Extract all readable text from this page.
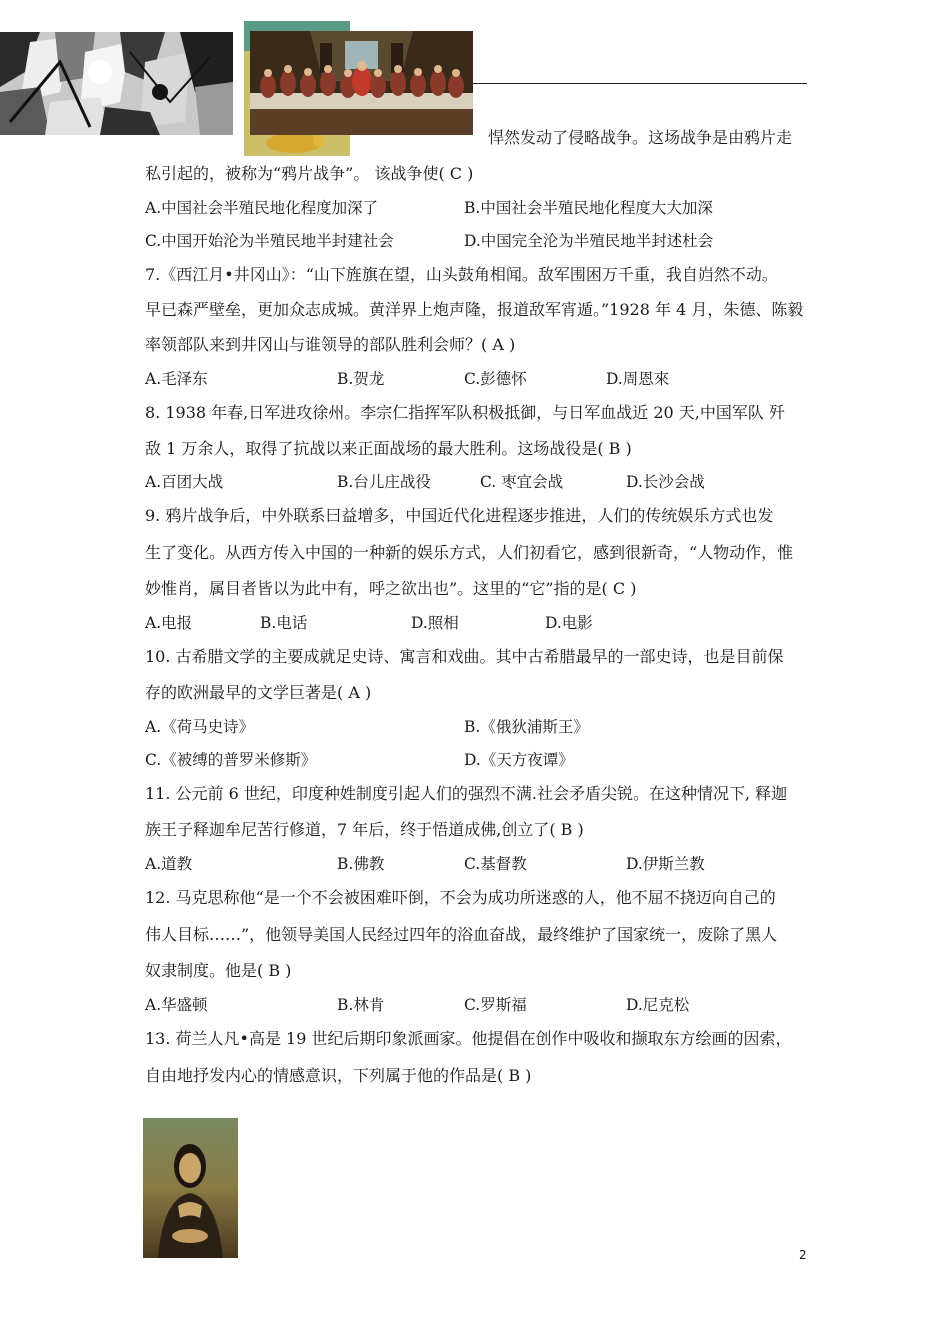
悍然发动了侵略战争。这场战争是由鸦片走
私引起的，被称为“鸦片战争”。 该战争使( C )
A.中国社会半殖民地化程度加深了	B.中国社会半殖民地化程度大大加深
C.中国开始沦为半殖民地半封建社会	D.中国完全沦为半殖民地半封述杜会
7.《西江月•井冈山》：“山下旌旗在望，山头鼓角相闻。敌军围困万千重，我自岿然不动。
早已森严壁垒，更加众志成城。黄洋界上炮声隆，报道敌军宵遁。”1928 年 4 月，朱德、陈毅
率领部队来到井冈山与谁领导的部队胜利会师？( A )
A.毛泽东	B.贺龙	C.彭德怀	D.周恩來
8. 1938 年春,日军进攻徐州。李宗仁指挥军队积极抵御，与日军血战近 20 天,中国军队 歼
敌 1 万余人，取得了抗战以来正面战场的最大胜利。这场战役是( B )
A.百团大战	B.台儿庄战役	C. 枣宜会战	D.长沙会战
9. 鸦片战争后，中外联系曰益增多，中国近代化进程逐步推进，人们的传统娱乐方式也发
生了变化。从西方传入中国的一种新的娱乐方式，人们初看它，感到很新奇，“人物动作，惟
妙惟肖，属目者皆以为此中有，呼之欲出也”。这里的“它”指的是( C )
A.电报	B.电话	D.照相	D.电影
10. 古希腊文学的主要成就足史诗、寓言和戏曲。其中古希腊最早的一部史诗，也是目前保
存的欧洲最早的文学巨著是( A )
A.《荷马史诗》	B.《俄狄浦斯王》
C.《被缚的普罗米修斯》	D.《天方夜谭》
11. 公元前 6 世纪，印度种姓制度引起人们的强烈不满.社会矛盾尖锐。在这种情况下, 释迦
族王子释迦牟尼苦行修道，7 年后，终于悟道成佛,创立了( B )
A.道教	B.佛教	C.基督教	D.伊斯兰教
12. 马克思称他“是一个不会被困难吓倒，不会为成功所迷惑的人，他不屈不挠迈向自己的
伟人目标……”，他领导美国人民经过四年的浴血奋战，最终维护了国家统一，废除了黑人
奴隶制度。他是( B )
A.华盛顿	B.林肯	C.罗斯福	D.尼克松
13. 荷兰人凡•高是 19 世纪后期印象派画家。他提倡在创作中吸收和撷取东方绘画的因索，
自由地抒发内心的情感意识，下列属于他的作品是( B )
2
